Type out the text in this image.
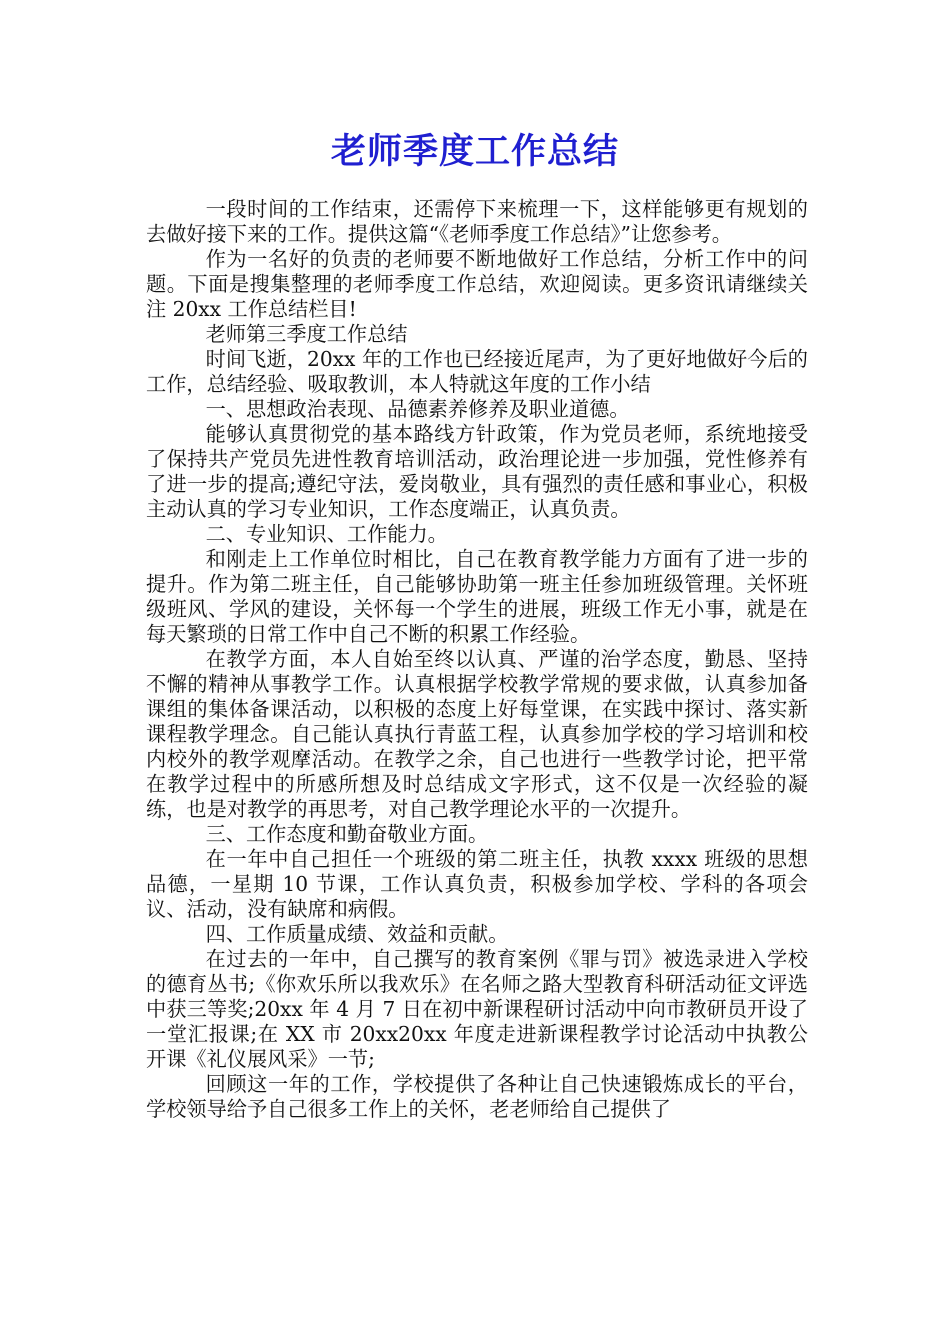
老师季度工作总结

一段时间的工作结束，还需停下来梳理一下，这样能够更有规划的去做好接下来的工作。提供这篇“《老师季度工作总结》”让您参考。

作为一名好的负责的老师要不断地做好工作总结，分析工作中的问题。下面是搜集整理的老师季度工作总结，欢迎阅读。更多资讯请继续关注 20xx 工作总结栏目!

老师第三季度工作总结

时间飞逝，20xx 年的工作也已经接近尾声，为了更好地做好今后的工作，总结经验、吸取教训，本人特就这年度的工作小结

一、思想政治表现、品德素养修养及职业道德。

能够认真贯彻党的基本路线方针政策，作为党员老师，系统地接受了保持共产党员先进性教育培训活动，政治理论进一步加强，党性修养有了进一步的提高;遵纪守法，爱岗敬业，具有强烈的责任感和事业心，积极主动认真的学习专业知识，工作态度端正，认真负责。

二、专业知识、工作能力。

和刚走上工作单位时相比，自己在教育教学能力方面有了进一步的提升。作为第二班主任，自己能够协助第一班主任参加班级管理。关怀班级班风、学风的建设，关怀每一个学生的进展，班级工作无小事，就是在每天繁琐的日常工作中自己不断的积累工作经验。

在教学方面，本人自始至终以认真、严谨的治学态度，勤恳、坚持不懈的精神从事教学工作。认真根据学校教学常规的要求做，认真参加备课组的集体备课活动，以积极的态度上好每堂课，在实践中探讨、落实新课程教学理念。自己能认真执行青蓝工程，认真参加学校的学习培训和校内校外的教学观摩活动。在教学之余，自己也进行一些教学讨论，把平常在教学过程中的所感所想及时总结成文字形式，这不仅是一次经验的凝练，也是对教学的再思考，对自己教学理论水平的一次提升。

三、工作态度和勤奋敬业方面。

在一年中自己担任一个班级的第二班主任，执教 xxxx 班级的思想品德，一星期 10 节课，工作认真负责，积极参加学校、学科的各项会议、活动，没有缺席和病假。

四、工作质量成绩、效益和贡献。

在过去的一年中，自己撰写的教育案例《罪与罚》被选录进入学校的德育丛书;《你欢乐所以我欢乐》在名师之路大型教育科研活动征文评选中获三等奖;20xx 年 4 月 7 日在初中新课程研讨活动中向市教研员开设了一堂汇报课;在 XX 市 20xx20xx 年度走进新课程教学讨论活动中执教公开课《礼仪展风采》一节;

回顾这一年的工作，学校提供了各种让自己快速锻炼成长的平台，学校领导给予自己很多工作上的关怀，老老师给自己提供了
